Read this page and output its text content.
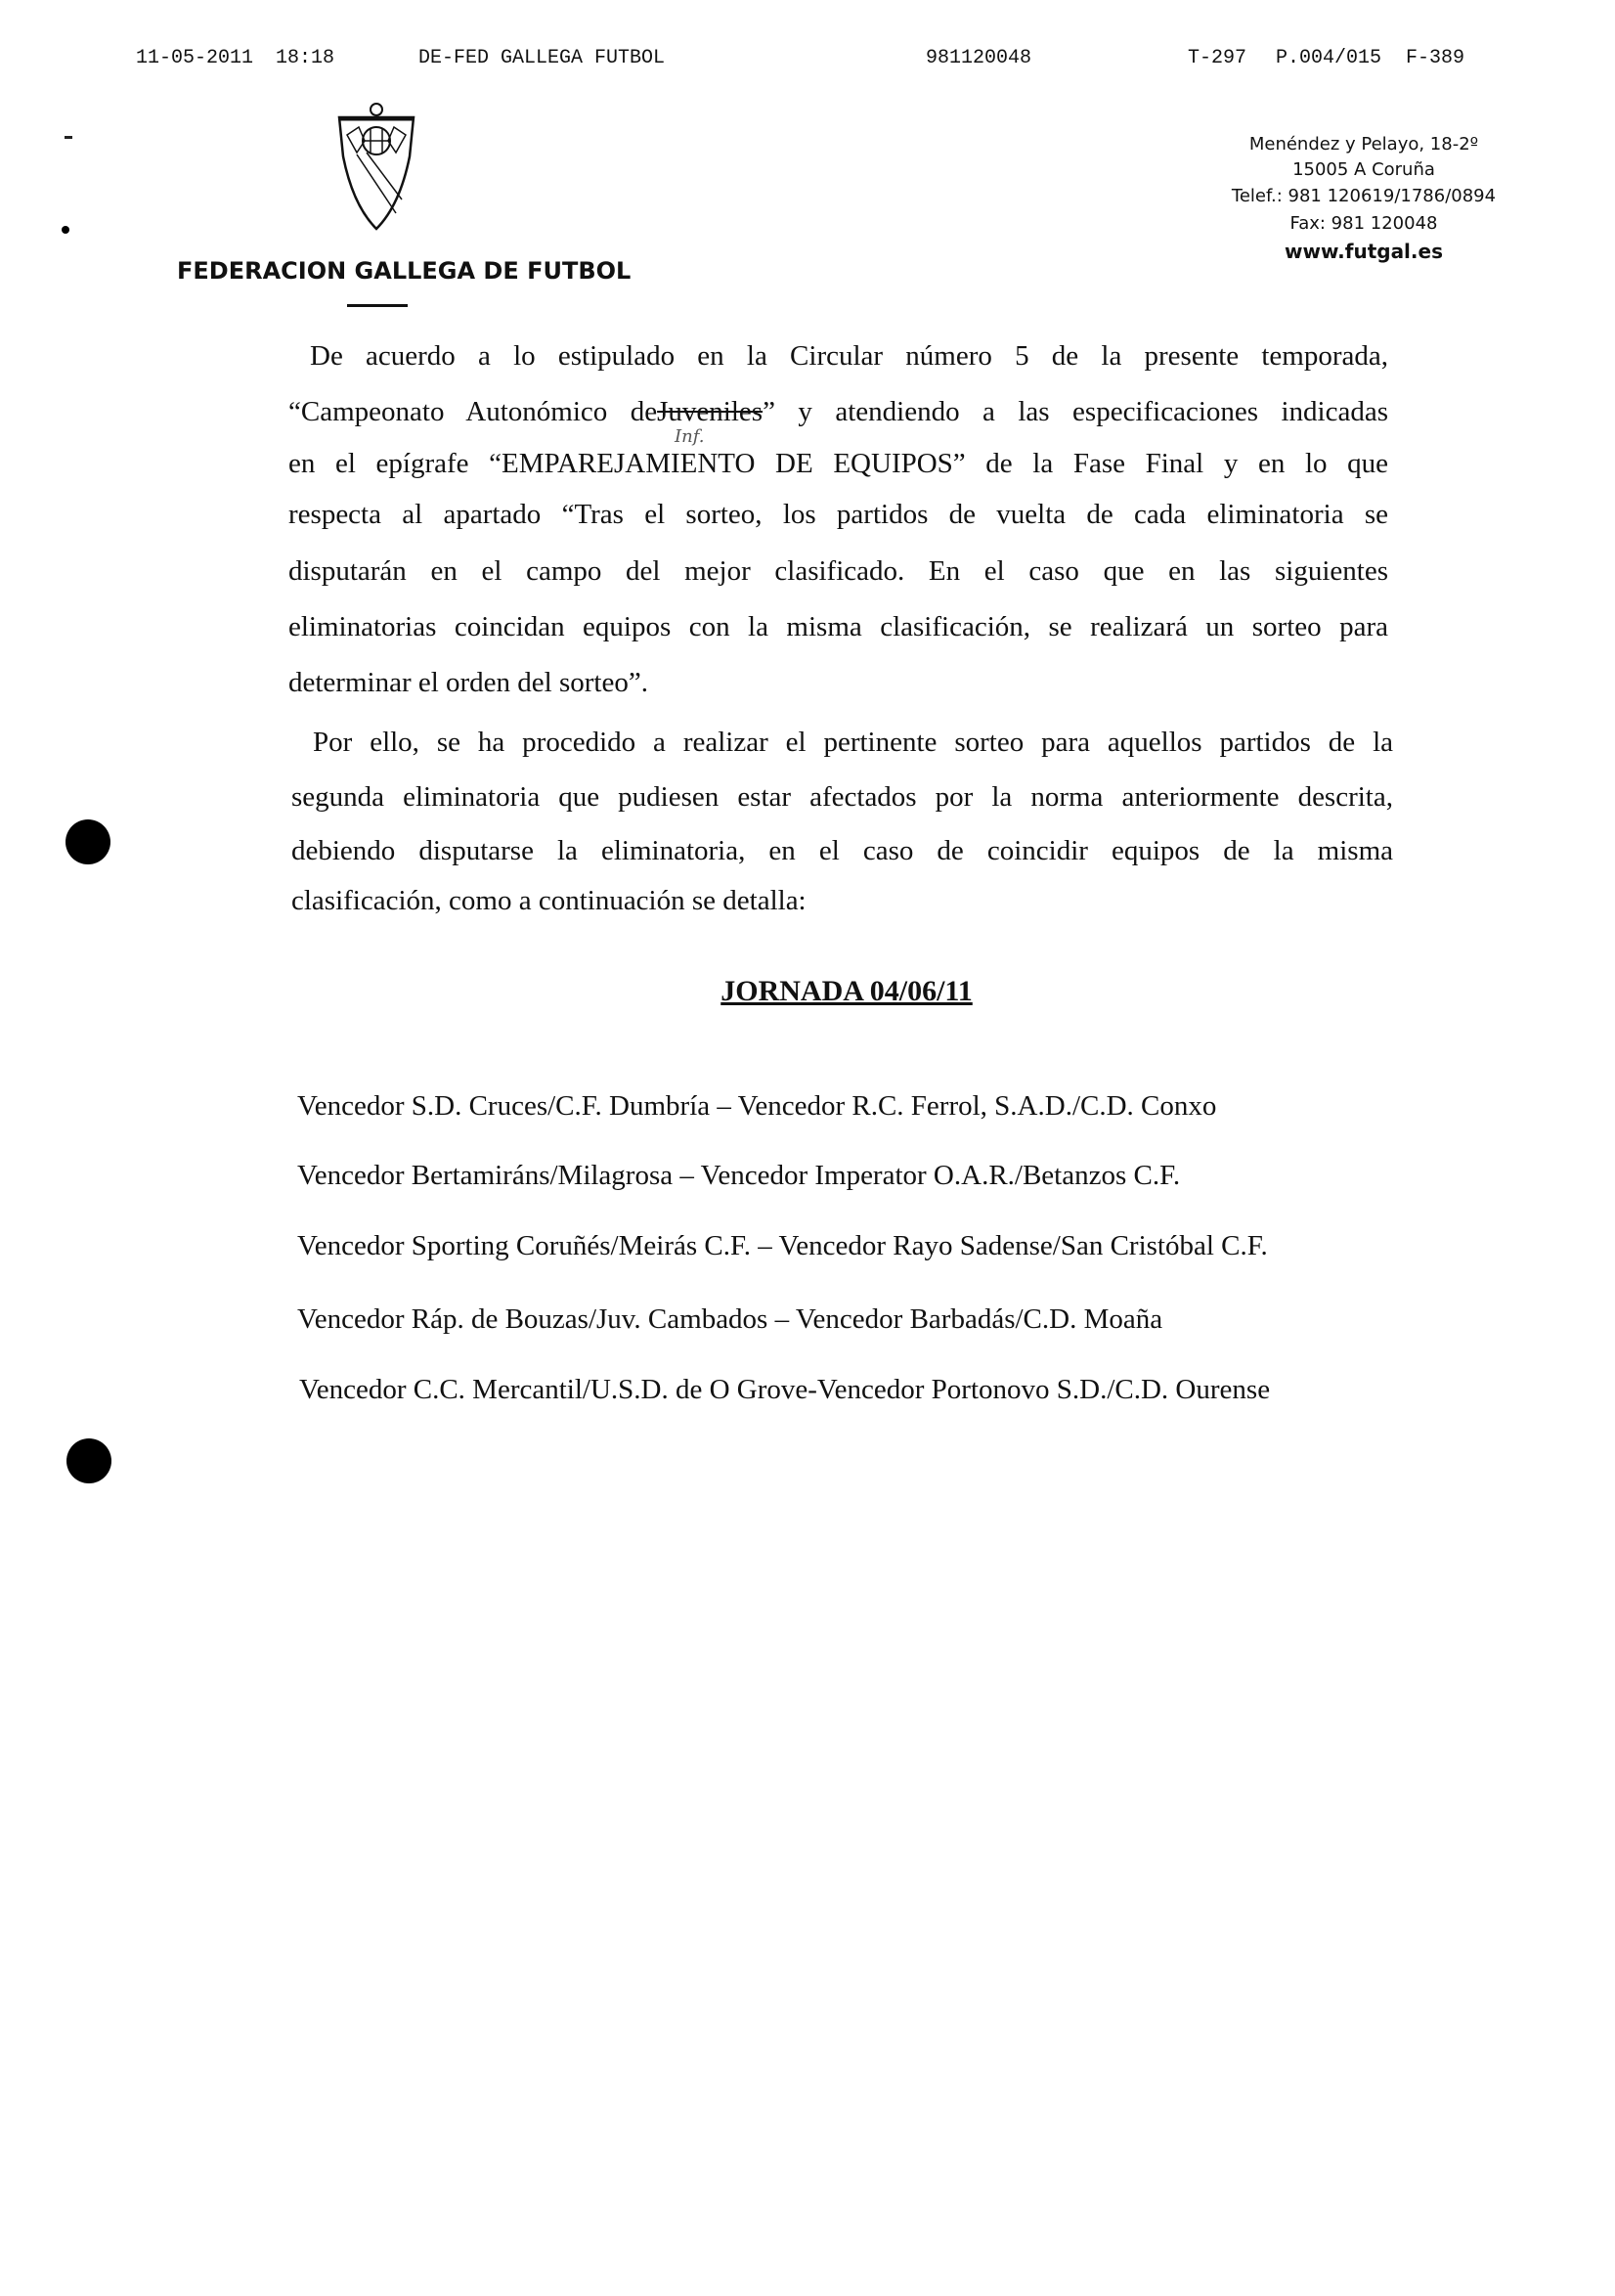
11-05-2011 18:18	DE-FED GALLEGA FUTBOL	981120048	T-297 P.004/015 F-389
FEDERACION GALLEGA DE FUTBOL
Menéndez y Pelayo, 18-2º
15005 A Coruña
Telef.: 981 120619/1786/0894
Fax: 981 120048
www.futgal.es
De acuerdo a lo estipulado en la Circular número 5 de la presente temporada,
“Campeonato Autonómico deJuveniles” y atendiendo a las especificaciones indicadas
Inf.
en el epígrafe “EMPAREJAMIENTO DE EQUIPOS” de la Fase Final y en lo que
respecta al apartado “Tras el sorteo, los partidos de vuelta de cada eliminatoria se
disputarán en el campo del mejor clasificado. En el caso que en las siguientes
eliminatorias coincidan equipos con la misma clasificación, se realizará un sorteo para
determinar el orden del sorteo”.
Por ello, se ha procedido a realizar el pertinente sorteo para aquellos partidos de la
segunda eliminatoria que pudiesen estar afectados por la norma anteriormente descrita,
debiendo disputarse la eliminatoria, en el caso de coincidir equipos de la misma
clasificación, como a continuación se detalla:
JORNADA 04/06/11
Vencedor S.D. Cruces/C.F. Dumbría – Vencedor R.C. Ferrol, S.A.D./C.D. Conxo
Vencedor Bertamiráns/Milagrosa – Vencedor Imperator O.A.R./Betanzos C.F.
Vencedor Sporting Coruñés/Meirás C.F. – Vencedor Rayo Sadense/San Cristóbal C.F.
Vencedor Ráp. de Bouzas/Juv. Cambados – Vencedor Barbadás/C.D. Moaña
Vencedor C.C. Mercantil/U.S.D. de O Grove-Vencedor Portonovo S.D./C.D. Ourense
